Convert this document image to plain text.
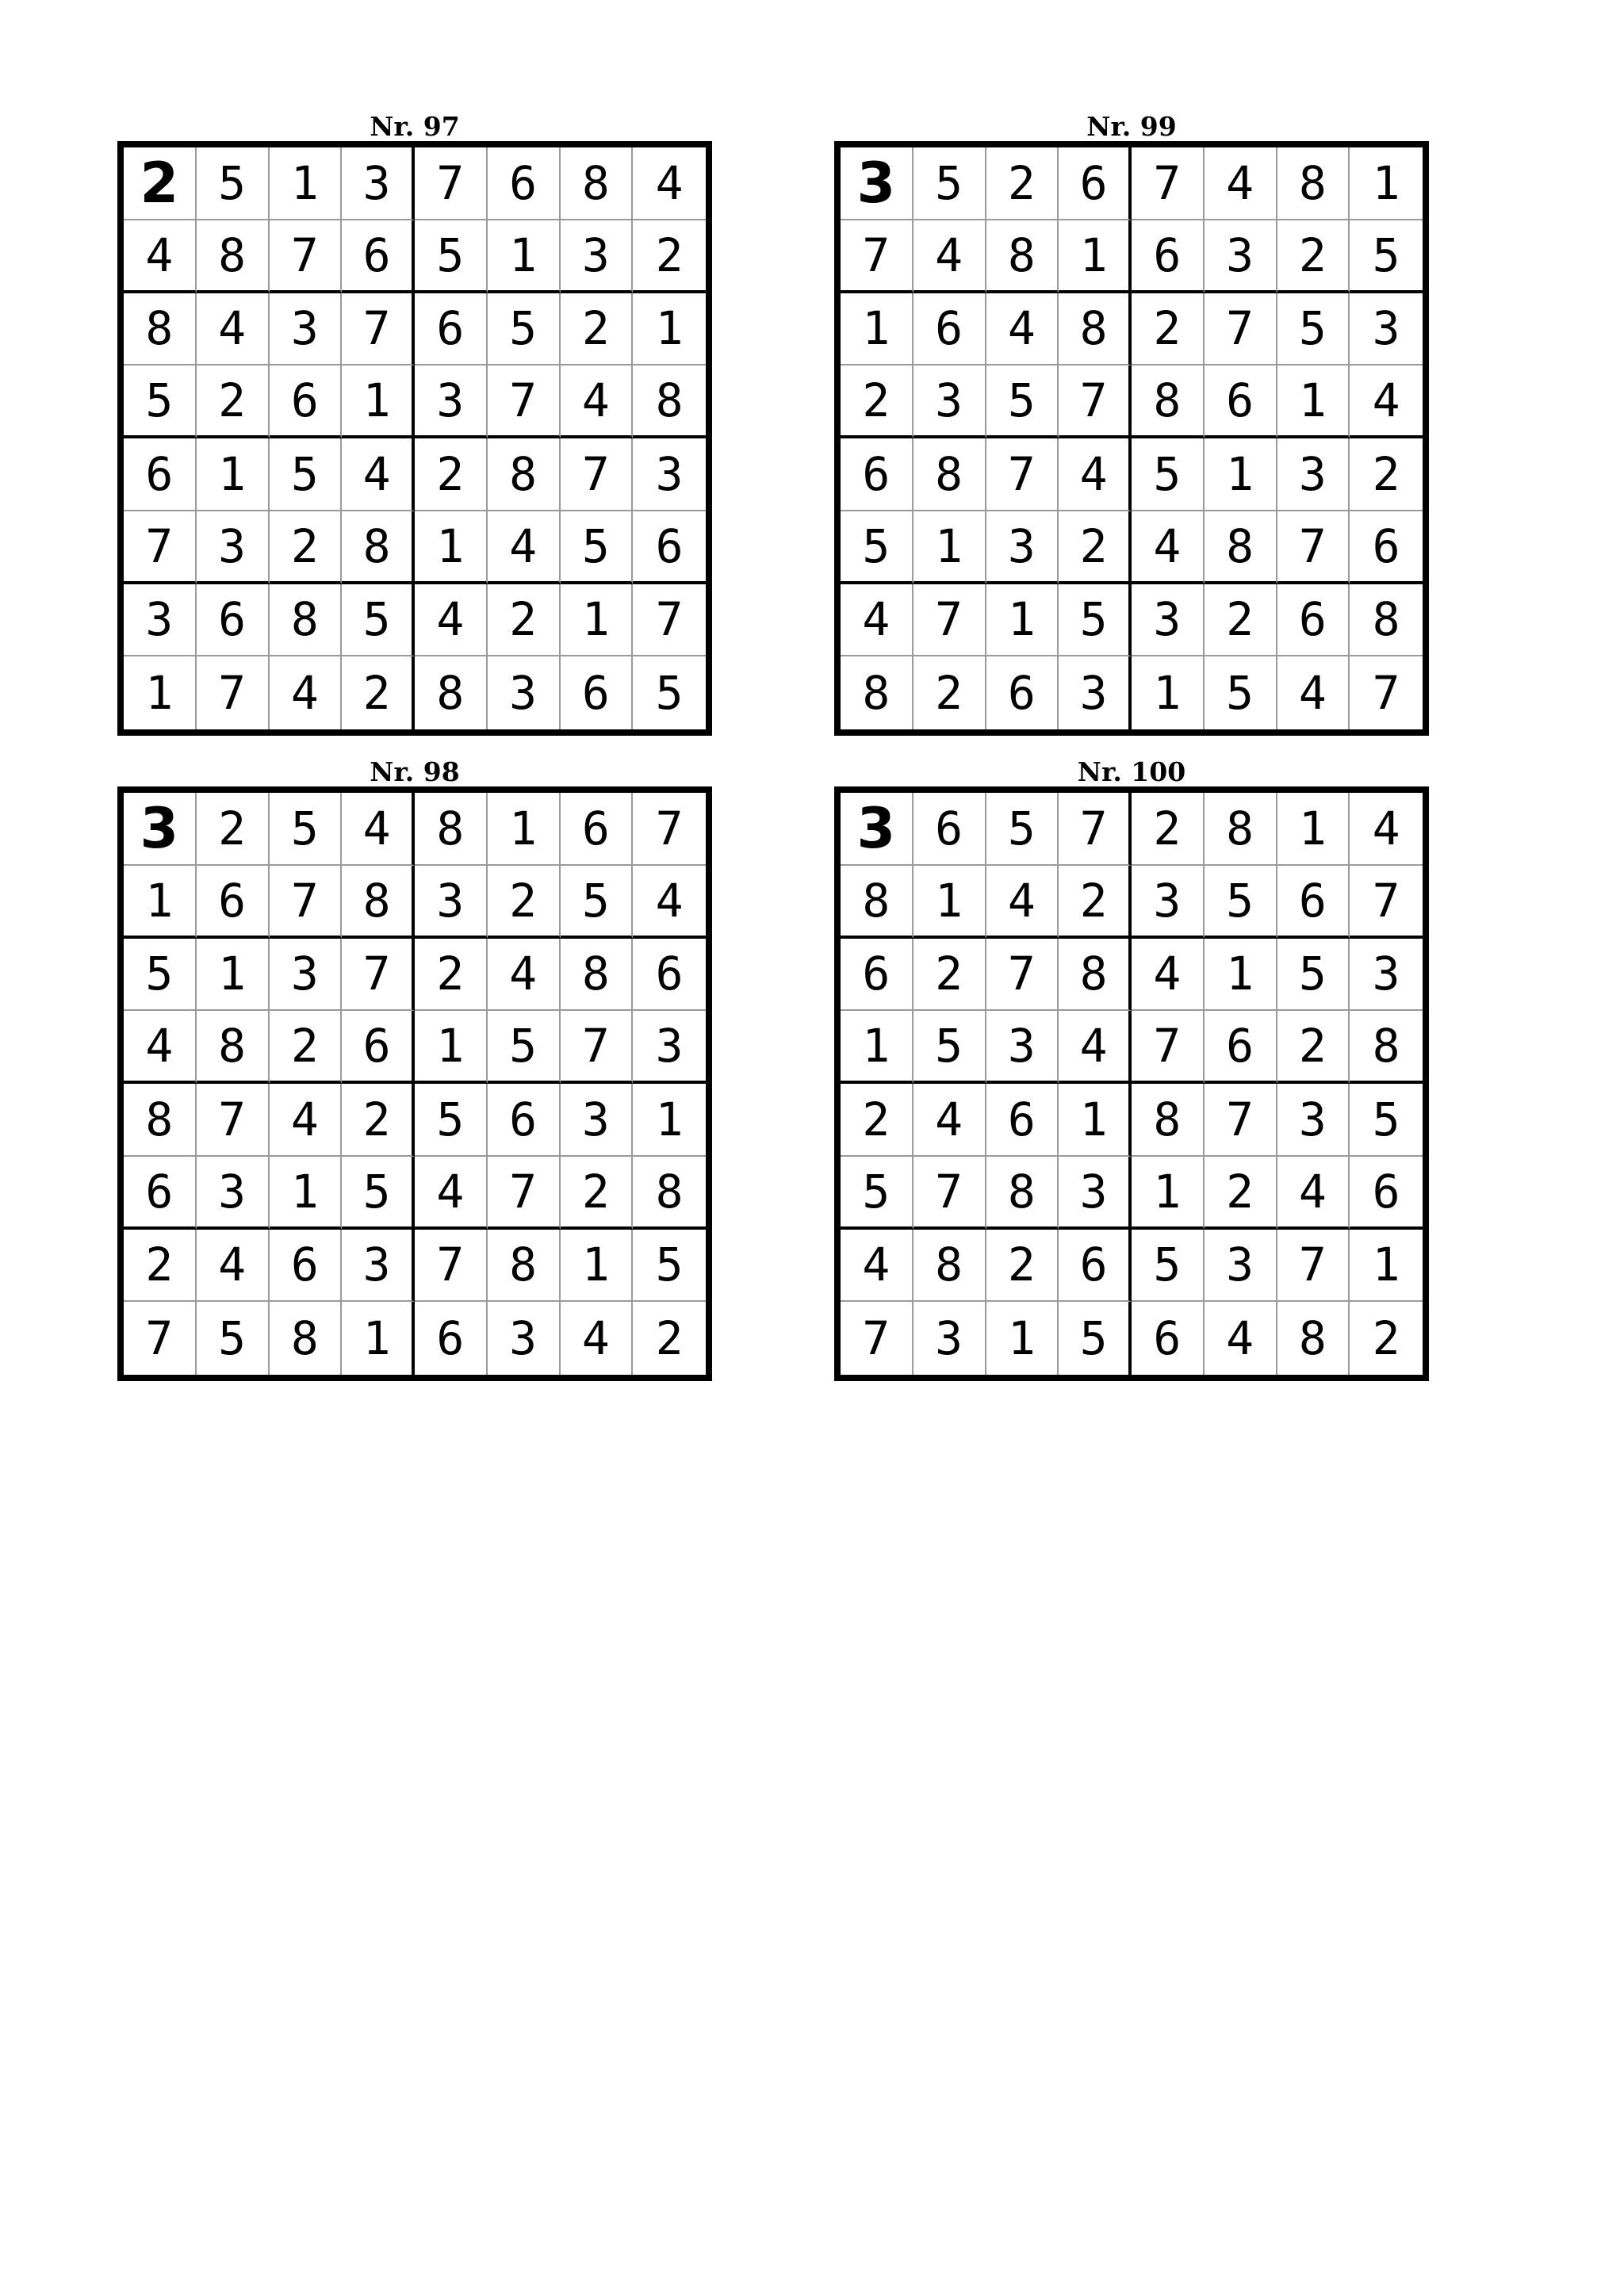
Nr. 97
2 5 1 3 7 6 8 4
4 8 7 6 5 1 3 2
8 4 3 7 6 5 2 1
5 2 6 1 3 7 4 8
6 1 5 4 2 8 7 3
7 3 2 8 1 4 5 6
3 6 8 5 4 2 1 7
1 7 4 2 8 3 6 5
Nr. 99
3 5 2 6 7 4 8 1
7 4 8 1 6 3 2 5
1 6 4 8 2 7 5 3
2 3 5 7 8 6 1 4
6 8 7 4 5 1 3 2
5 1 3 2 4 8 7 6
4 7 1 5 3 2 6 8
8 2 6 3 1 5 4 7
Nr. 98
3 2 5 4 8 1 6 7
1 6 7 8 3 2 5 4
5 1 3 7 2 4 8 6
4 8 2 6 1 5 7 3
8 7 4 2 5 6 3 1
6 3 1 5 4 7 2 8
2 4 6 3 7 8 1 5
7 5 8 1 6 3 4 2
Nr. 100
3 6 5 7 2 8 1 4
8 1 4 2 3 5 6 7
6 2 7 8 4 1 5 3
1 5 3 4 7 6 2 8
2 4 6 1 8 7 3 5
5 7 8 3 1 2 4 6
4 8 2 6 5 3 7 1
7 3 1 5 6 4 8 2
